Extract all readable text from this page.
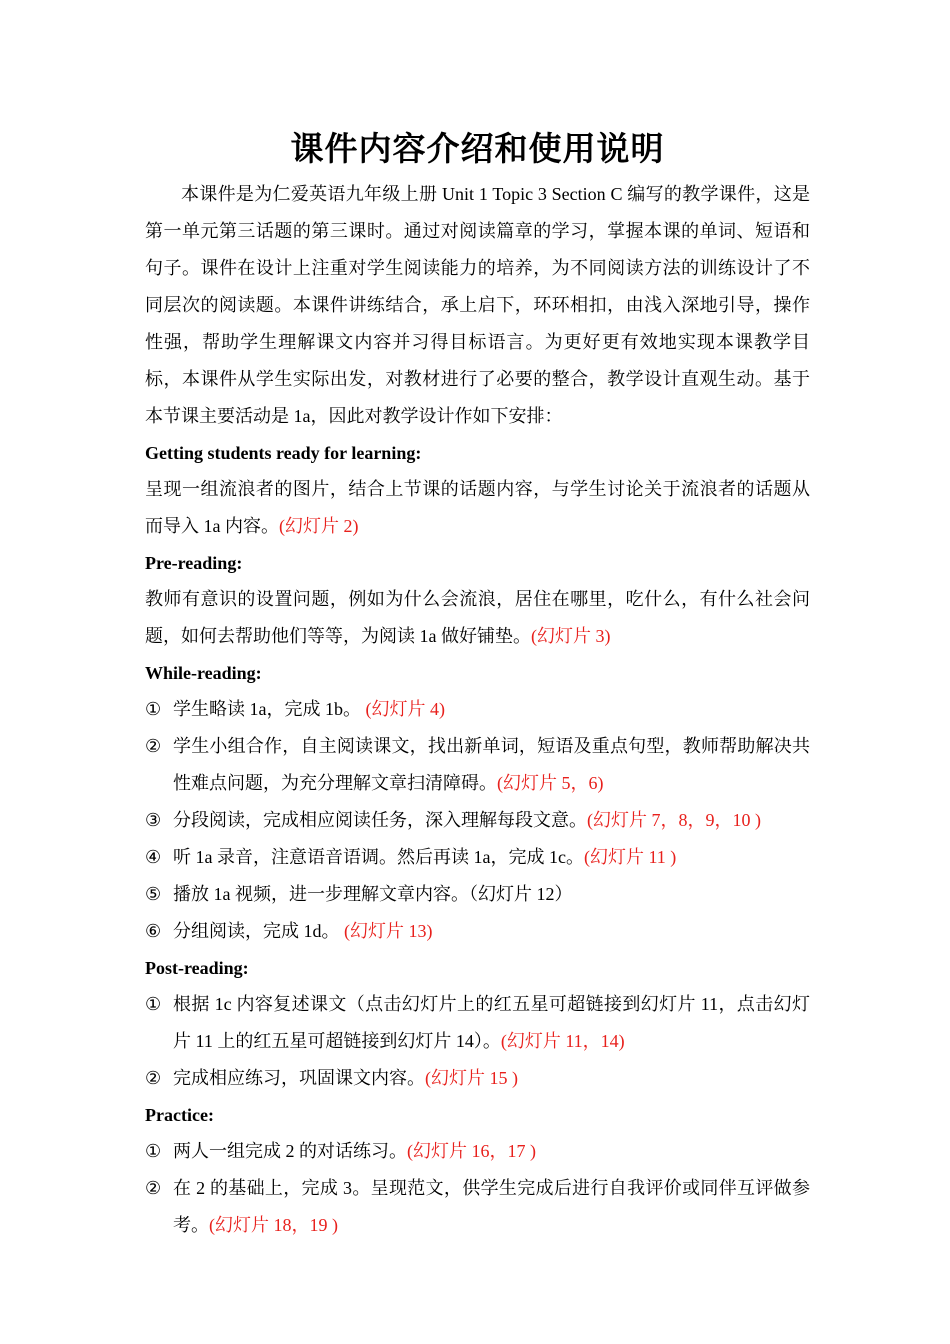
课件内容介绍和使用说明

本课件是为仁爱英语九年级上册 Unit 1 Topic 3 Section C 编写的教学课件，这是第一单元第三话题的第三课时。通过对阅读篇章的学习，掌握本课的单词、短语和句子。课件在设计上注重对学生阅读能力的培养，为不同阅读方法的训练设计了不同层次的阅读题。本课件讲练结合，承上启下，环环相扣，由浅入深地引导，操作性强，帮助学生理解课文内容并习得目标语言。为更好更有效地实现本课教学目标，本课件从学生实际出发，对教材进行了必要的整合，教学设计直观生动。基于本节课主要活动是 1a，因此对教学设计作如下安排：

Getting students ready for learning:

呈现一组流浪者的图片，结合上节课的话题内容，与学生讨论关于流浪者的话题从而导入 1a 内容。(幻灯片 2)

Pre-reading:

教师有意识的设置问题，例如为什么会流浪，居住在哪里，吃什么，有什么社会问题，如何去帮助他们等等，为阅读 1a 做好铺垫。(幻灯片 3)

While-reading:

① 学生略读 1a，完成 1b。 (幻灯片 4)
② 学生小组合作，自主阅读课文，找出新单词，短语及重点句型，教师帮助解决共性难点问题，为充分理解文章扫清障碍。(幻灯片 5，6)
③ 分段阅读，完成相应阅读任务，深入理解每段文意。(幻灯片 7，8，9，10 )
④ 听 1a 录音，注意语音语调。然后再读 1a，完成 1c。(幻灯片 11 )
⑤ 播放 1a 视频，进一步理解文章内容。（幻灯片 12）
⑥ 分组阅读，完成 1d。 (幻灯片 13)

Post-reading:

① 根据 1c 内容复述课文（点击幻灯片上的红五星可超链接到幻灯片 11，点击幻灯片 11 上的红五星可超链接到幻灯片 14）。(幻灯片 11，14)
② 完成相应练习，巩固课文内容。(幻灯片 15 )

Practice:

① 两人一组完成 2 的对话练习。(幻灯片 16，17 )
② 在 2 的基础上，完成 3。呈现范文，供学生完成后进行自我评价或同伴互评做参考。(幻灯片 18，19 )
